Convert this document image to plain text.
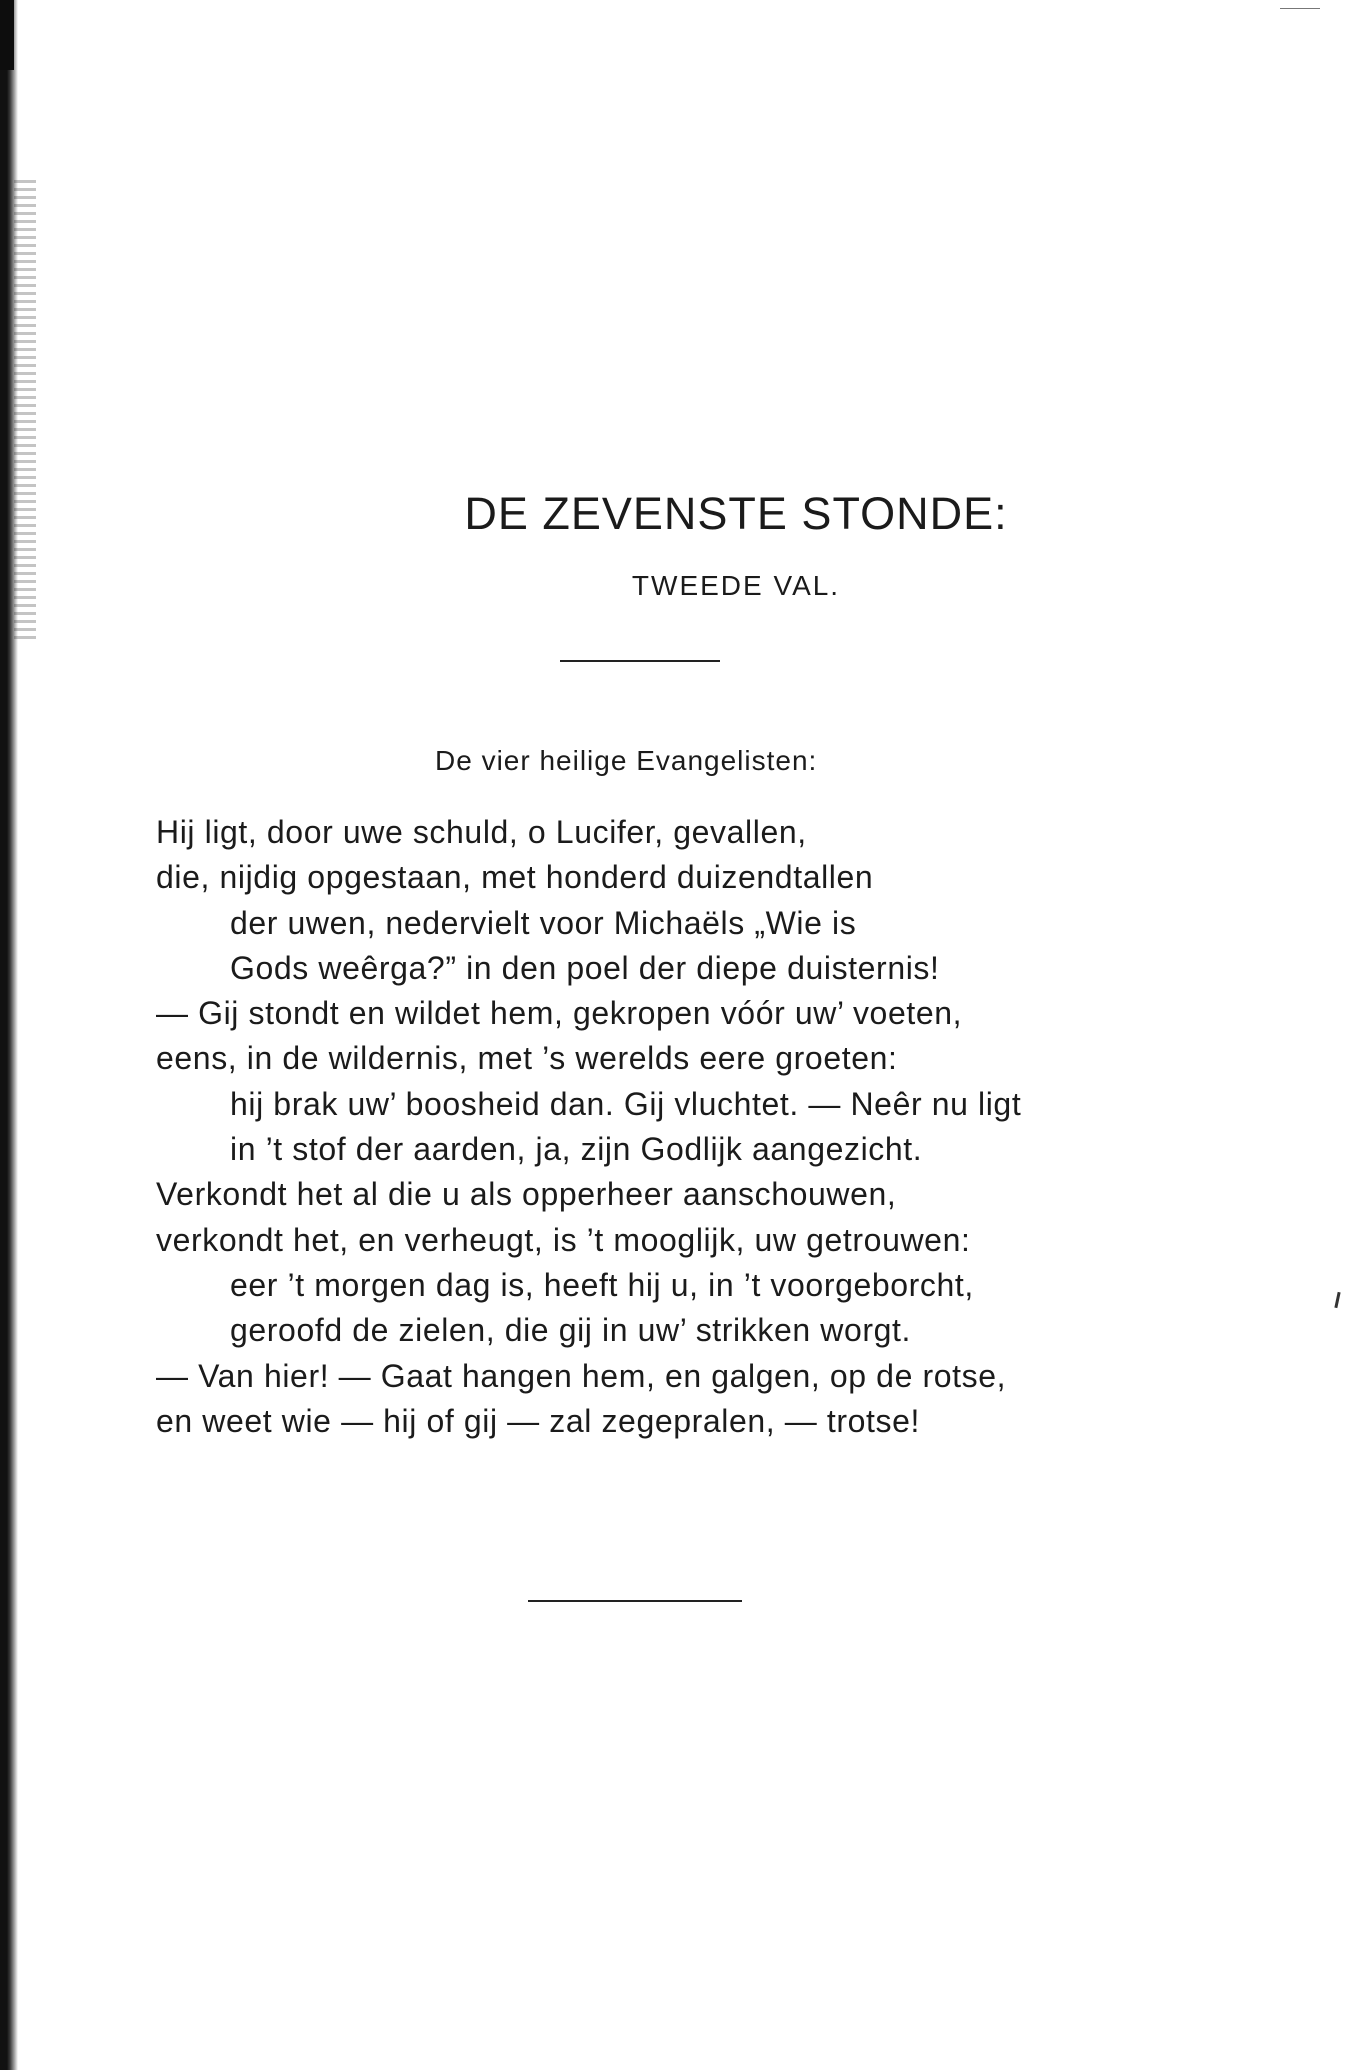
DE ZEVENSTE STONDE:
TWEEDE VAL.
De vier heilige Evangelisten:
Hij ligt, door uwe schuld, o Lucifer, gevallen,
die, nijdig opgestaan, met honderd duizendtallen
der uwen, nedervielt voor Michaëls „Wie is
Gods weêrga?” in den poel der diepe duisternis!
— Gij stondt en wildet hem, gekropen vóór uw’ voeten,
eens, in de wildernis, met ’s werelds eere groeten:
hij brak uw’ boosheid dan. Gij vluchtet. — Neêr nu ligt
in ’t stof der aarden, ja, zijn Godlijk aangezicht.
Verkondt het al die u als opperheer aanschouwen,
verkondt het, en verheugt, is ’t mooglijk, uw getrouwen:
eer ’t morgen dag is, heeft hij u, in ’t voorgeborcht,
geroofd de zielen, die gij in uw’ strikken worgt.
— Van hier! — Gaat hangen hem, en galgen, op de rotse,
en weet wie — hij of gij — zal zegepralen, — trotse!
